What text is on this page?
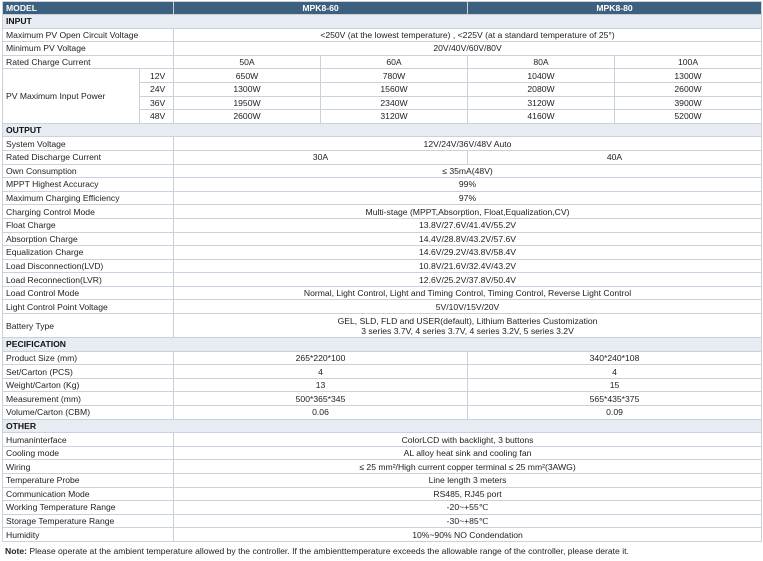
MODEL		MPK8-60		MPK8-80	
INPUT					
Maximum PV Open Circuit Voltage		<250V (at the lowest temperature) , <225V (at a standard temperature of 25°)			
Minimum PV Voltage		20V/40V/60V/80V			
Rated Charge Current		50A	60A	80A	100A
PV Maximum Input Power	12V	650W	780W	1040W	1300W
	24V	1300W	1560W	2080W	2600W
	36V	1950W	2340W	3120W	3900W
	48V	2600W	3120W	4160W	5200W
OUTPUT					
System Voltage		12V/24V/36V/48V Auto			
Rated Discharge Current		30A		40A	
Own Consumption		≤ 35mA(48V)			
MPPT Highest Accuracy		99%			
Maximum Charging Efficiency		97%			
Charging Control Mode		Multi-stage (MPPT,Absorption, Float,Equalization,CV)			
Float Charge		13.8V/27.6V/41.4V/55.2V			
Absorption Charge		14.4V/28.8V/43.2V/57.6V			
Equalization Charge		14.6V/29.2V/43.8V/58.4V			
Load Disconnection(LVD)		10.8V/21.6V/32.4V/43.2V			
Load Reconnection(LVR)		12.6V/25.2V/37.8V/50.4V			
Load Control Mode		Normal, Light Control, Light and Timing Control, Timing Control, Reverse Light Control			
Light Control Point Voltage		5V/10V/15V/20V			
Battery Type		GEL, SLD, FLD and USER(default), Lithium Batteries Customization
3 series 3.7V, 4 series 3.7V, 4 series 3.2V, 5 series 3.2V			

PECIFICATION					
Product Size (mm)		265*220*100		340*240*108	
Set/Carton (PCS)		4		4	
Weight/Carton (Kg)		13		15	
Measurement (mm)		500*365*345		565*435*375	
Volume/Carton (CBM)		0.06		0.09	
OTHER					
Humaninterface		ColorLCD with backlight, 3 buttons			
Cooling mode		AL alloy heat sink and cooling fan			
Wiring		≤ 25 mm²/High current copper terminal ≤ 25 mm²(3AWG)			
Temperature Probe		Line length 3 meters			
Communication Mode		RS485, RJ45 port			
Working Temperature Range		-20~+55℃			
Storage Temperature Range		-30~+85℃			
Humidity		10%~90% NO Condendation			
Note: Please operate at the ambient temperature allowed by the controller. If the ambienttemperature exceeds the allowable range of the controller, please derate it.
